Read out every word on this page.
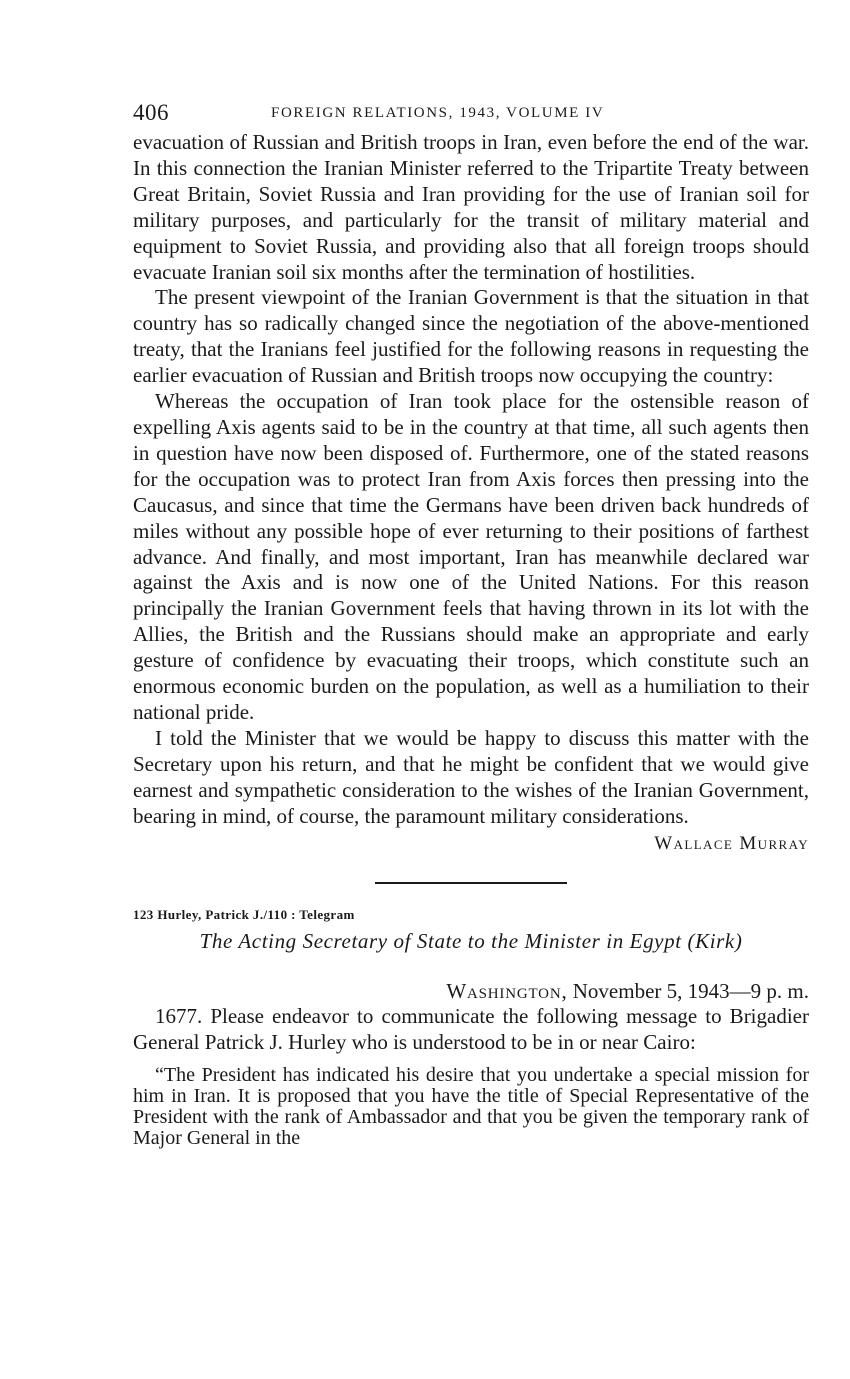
406	FOREIGN RELATIONS, 1943, VOLUME IV

evacuation of Russian and British troops in Iran, even before the end of the war. In this connection the Iranian Minister referred to the Tripartite Treaty between Great Britain, Soviet Russia and Iran providing for the use of Iranian soil for military purposes, and particularly for the transit of military material and equipment to Soviet Russia, and providing also that all foreign troops should evacuate Iranian soil six months after the termination of hostilities.

The present viewpoint of the Iranian Government is that the situation in that country has so radically changed since the negotiation of the above-mentioned treaty, that the Iranians feel justified for the following reasons in requesting the earlier evacuation of Russian and British troops now occupying the country:

Whereas the occupation of Iran took place for the ostensible reason of expelling Axis agents said to be in the country at that time, all such agents then in question have now been disposed of. Furthermore, one of the stated reasons for the occupation was to protect Iran from Axis forces then pressing into the Caucasus, and since that time the Germans have been driven back hundreds of miles without any possible hope of ever returning to their positions of farthest advance. And finally, and most important, Iran has meanwhile declared war against the Axis and is now one of the United Nations. For this reason principally the Iranian Government feels that having thrown in its lot with the Allies, the British and the Russians should make an appropriate and early gesture of confidence by evacuating their troops, which constitute such an enormous economic burden on the population, as well as a humiliation to their national pride.

I told the Minister that we would be happy to discuss this matter with the Secretary upon his return, and that he might be confident that we would give earnest and sympathetic consideration to the wishes of the Iranian Government, bearing in mind, of course, the paramount military considerations.

Wallace Murray
123 Hurley, Patrick J./110 : Telegram
The Acting Secretary of State to the Minister in Egypt (Kirk)
Washington, November 5, 1943—9 p. m.

1677. Please endeavor to communicate the following message to Brigadier General Patrick J. Hurley who is understood to be in or near Cairo:

“The President has indicated his desire that you undertake a special mission for him in Iran. It is proposed that you have the title of Special Representative of the President with the rank of Ambassador and that you be given the temporary rank of Major General in the
